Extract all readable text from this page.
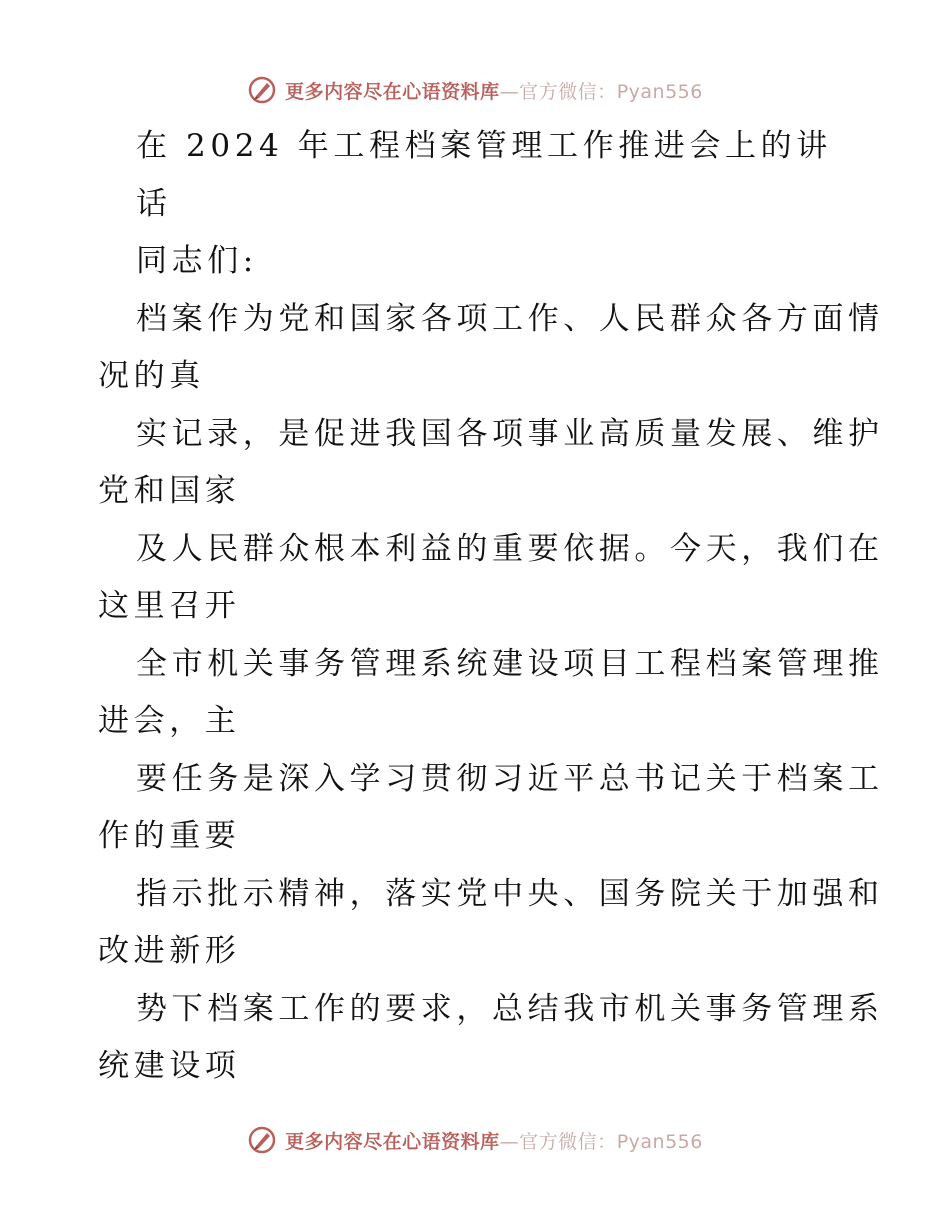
更多内容尽在心语资料库—官方微信：Pyan556
在 2024 年工程档案管理工作推进会上的讲
话
同志们:
档案作为党和国家各项工作、人民群众各方面情
况的真
实记录，是促进我国各项事业高质量发展、维护
党和国家
及人民群众根本利益的重要依据。今天，我们在
这里召开
全市机关事务管理系统建设项目工程档案管理推
进会，主
要任务是深入学习贯彻习近平总书记关于档案工
作的重要
指示批示精神，落实党中央、国务院关于加强和
改进新形
势下档案工作的要求，总结我市机关事务管理系
统建设项
更多内容尽在心语资料库—官方微信：Pyan556
